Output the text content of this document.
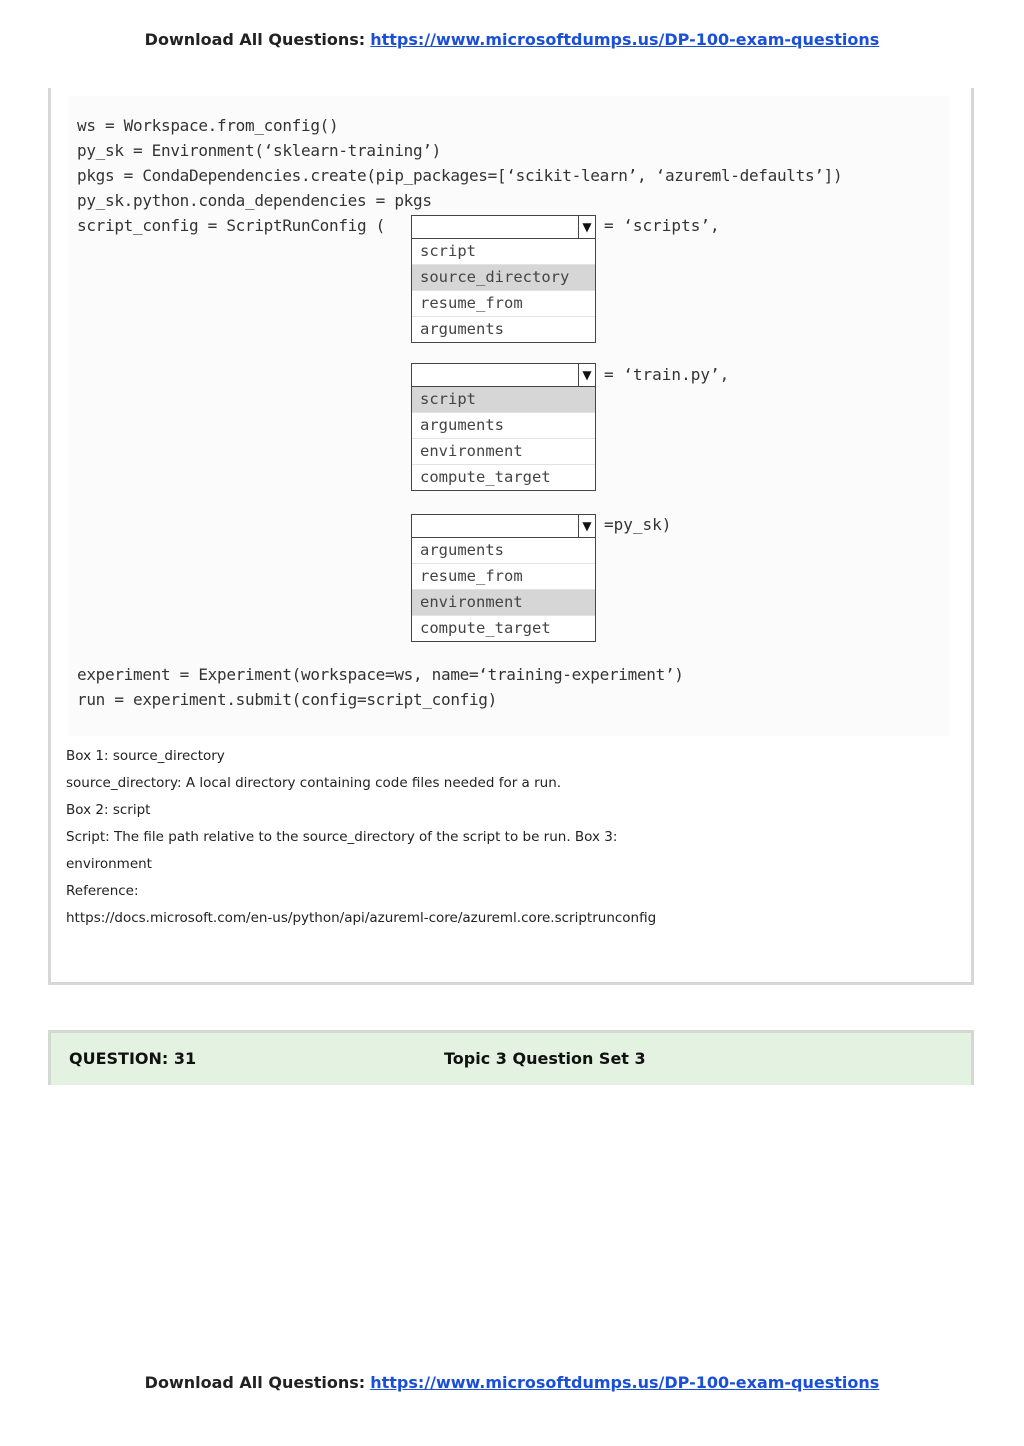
Download All Questions: https://www.microsoftdumps.us/DP-100-exam-questions
ws = Workspace.from_config()
py_sk = Environment(‘sklearn-training’)
pkgs = CondaDependencies.create(pip_packages=[‘scikit-learn’, ‘azureml-defaults’])
py_sk.python.conda_dependencies = pkgs
script_config = ScriptRunConfig (	▼
script
source_directory
resume_from
arguments
= ‘scripts’,
▼
script
arguments
environment
compute_target
= ‘train.py’,
▼
arguments
resume_from
environment
compute_target
=py_sk)
experiment = Experiment(workspace=ws, name=‘training-experiment’)
run = experiment.submit(config=script_config)

Box 1: source_directory

source_directory: A local directory containing code files needed for a run.

Box 2: script

Script: The file path relative to the source_directory of the script to be run. Box 3:

environment

Reference:

https://docs.microsoft.com/en-us/python/api/azureml-core/azureml.core.scriptrunconfig

QUESTION: 31	Topic 3 Question Set 3
Download All Questions: https://www.microsoftdumps.us/DP-100-exam-questions
